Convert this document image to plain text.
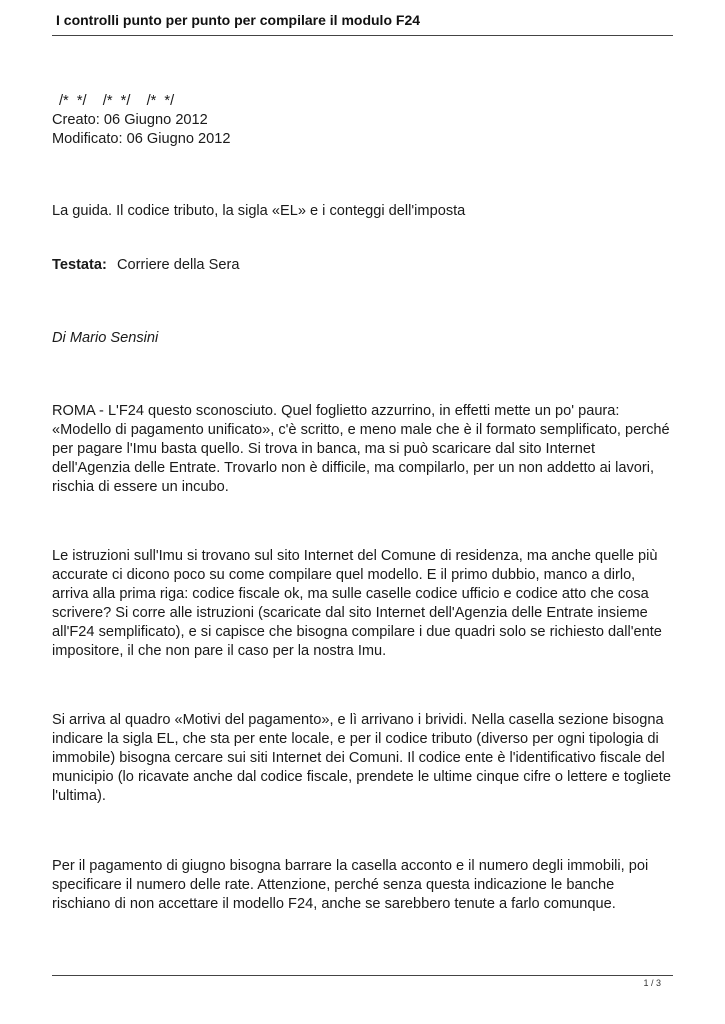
I controlli punto per punto per compilare il modulo F24

/*  */    /*  */    /*  */

Creato: 06 Giugno 2012

Modificato: 06 Giugno 2012

La guida. Il codice tributo, la sigla «EL» e i conteggi dell'imposta

Testata: Corriere della Sera

Di Mario Sensini

ROMA - L'F24 questo sconosciuto. Quel foglietto azzurrino, in effetti mette un po' paura: «Modello di pagamento unificato», c'è scritto, e meno male che è il formato semplificato, perché per pagare l'Imu basta quello. Si trova in banca, ma si può scaricare dal sito Internet dell'Agenzia delle Entrate. Trovarlo non è difficile, ma compilarlo, per un non addetto ai lavori, rischia di essere un incubo.

Le istruzioni sull'Imu si trovano sul sito Internet del Comune di residenza, ma anche quelle più accurate ci dicono poco su come compilare quel modello. E il primo dubbio, manco a dirlo, arriva alla prima riga: codice fiscale ok, ma sulle caselle codice ufficio e codice atto che cosa scrivere? Si corre alle istruzioni (scaricate dal sito Internet dell'Agenzia delle Entrate insieme all'F24 semplificato), e si capisce che bisogna compilare i due quadri solo se richiesto dall'ente impositore, il che non pare il caso per la nostra Imu.

Si arriva al quadro «Motivi del pagamento», e lì arrivano i brividi. Nella casella sezione bisogna indicare la sigla EL, che sta per ente locale, e per il codice tributo (diverso per ogni tipologia di immobile) bisogna cercare sui siti Internet dei Comuni. Il codice ente è l'identificativo fiscale del municipio (lo ricavate anche dal codice fiscale, prendete le ultime cinque cifre o lettere e togliete l'ultima).

Per il pagamento di giugno bisogna barrare la casella acconto e il numero degli immobili, poi specificare il numero delle rate. Attenzione, perché senza questa indicazione le banche rischiano di non accettare il modello F24, anche se sarebbero tenute a farlo comunque.

1 / 3
